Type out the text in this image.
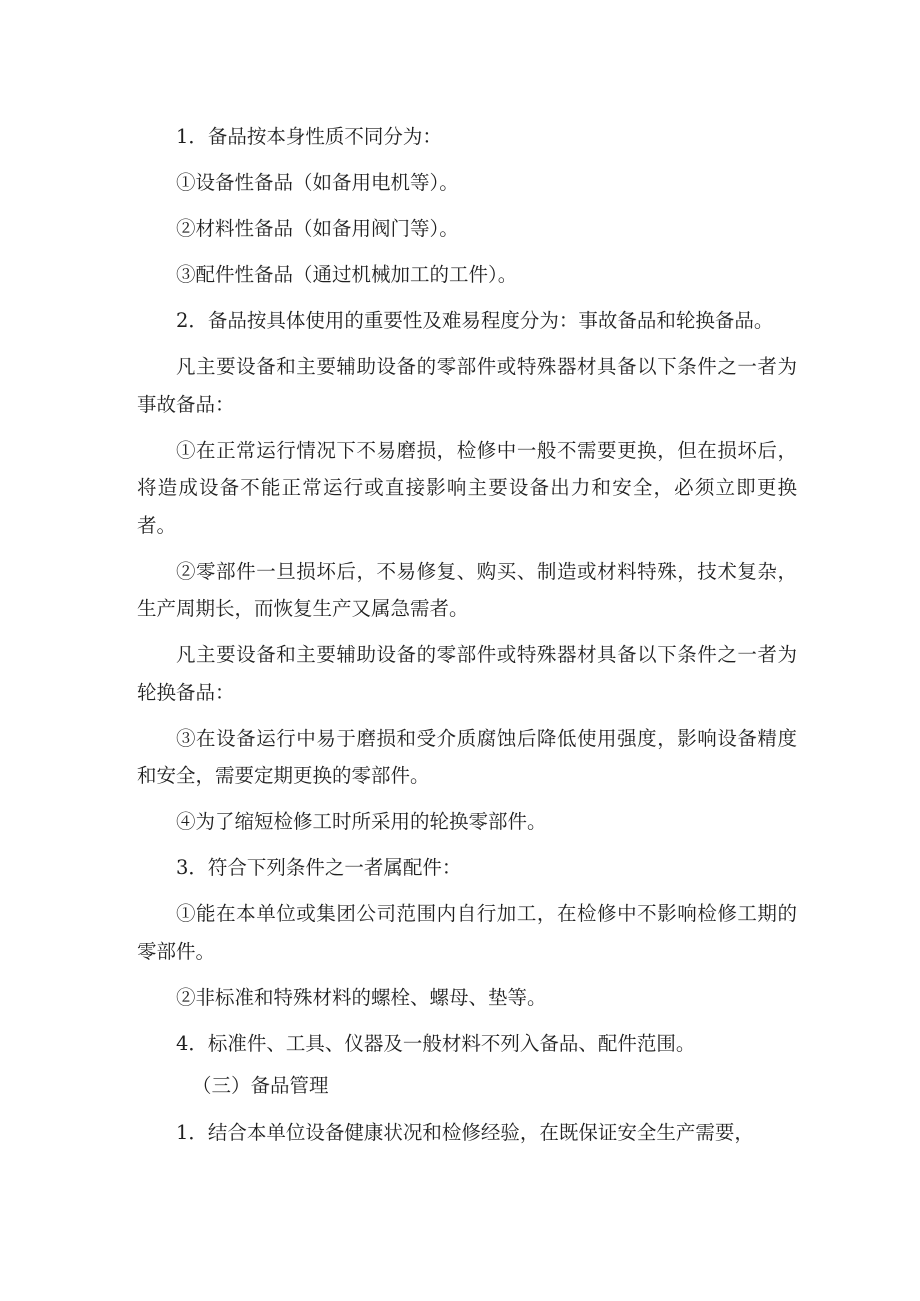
1．备品按本身性质不同分为：

①设备性备品（如备用电机等）。

②材料性备品（如备用阀门等）。

③配件性备品（通过机械加工的工件）。

2．备品按具体使用的重要性及难易程度分为：事故备品和轮换备品。

凡主要设备和主要辅助设备的零部件或特殊器材具备以下条件之一者为事故备品：

①在正常运行情况下不易磨损，检修中一般不需要更换，但在损坏后，将造成设备不能正常运行或直接影响主要设备出力和安全，必须立即更换者。

②零部件一旦损坏后，不易修复、购买、制造或材料特殊，技术复杂，生产周期长，而恢复生产又属急需者。

凡主要设备和主要辅助设备的零部件或特殊器材具备以下条件之一者为轮换备品：

③在设备运行中易于磨损和受介质腐蚀后降低使用强度，影响设备精度和安全，需要定期更换的零部件。

④为了缩短检修工时所采用的轮换零部件。

3．符合下列条件之一者属配件：

①能在本单位或集团公司范围内自行加工，在检修中不影响检修工期的零部件。

②非标准和特殊材料的螺栓、螺母、垫等。

4．标准件、工具、仪器及一般材料不列入备品、配件范围。

（三）备品管理

1．结合本单位设备健康状况和检修经验，在既保证安全生产需要，
